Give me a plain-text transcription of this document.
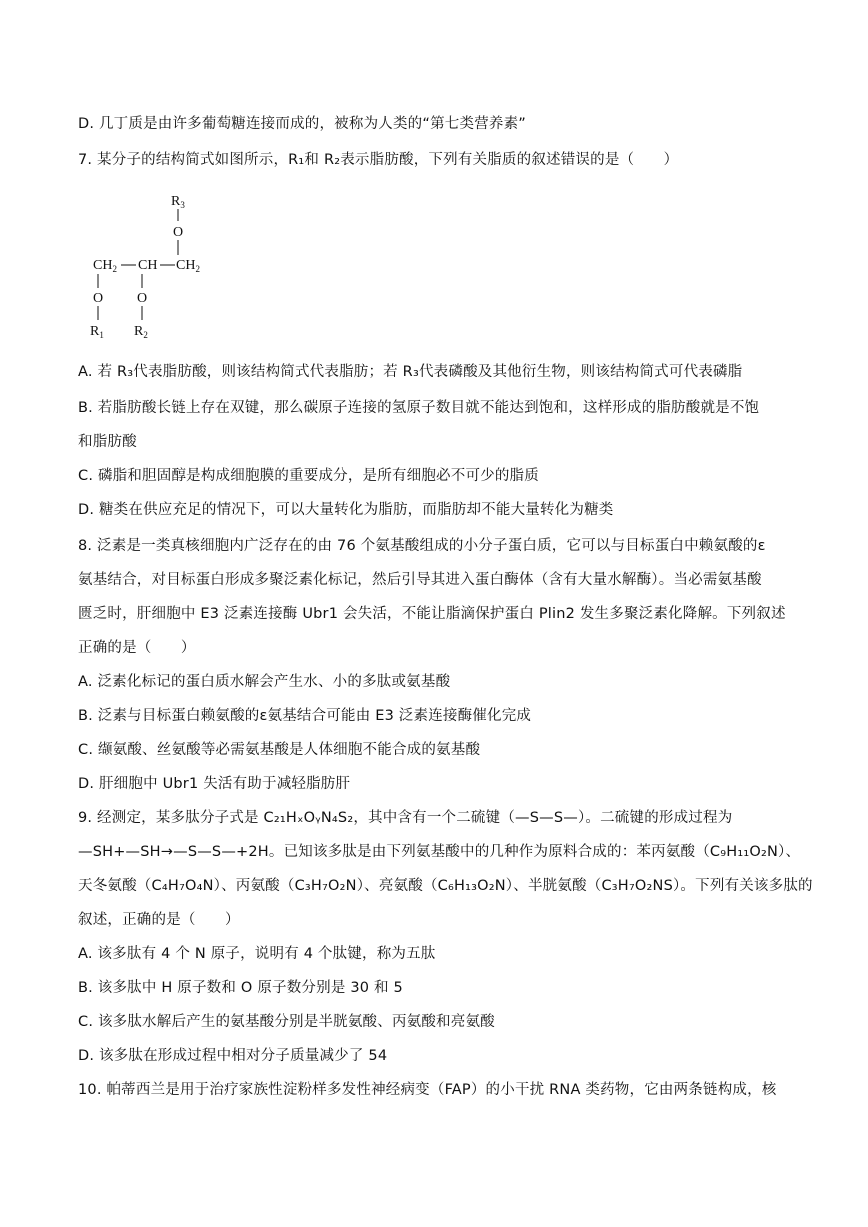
D. 几丁质是由许多葡萄糖连接而成的，被称为人类的“第七类营养素”
7. 某分子的结构简式如图所示，R₁和 R₂表示脂肪酸，下列有关脂质的叙述错误的是（　　）
$R_3$
O
$CH_2$ CH $CH_2$
O
$R_1$
O
$R_2$
A. 若 R₃代表脂肪酸，则该结构简式代表脂肪；若 R₃代表磷酸及其他衍生物，则该结构简式可代表磷脂
B. 若脂肪酸长链上存在双键，那么碳原子连接的氢原子数目就不能达到饱和，这样形成的脂肪酸就是不饱
和脂肪酸
C. 磷脂和胆固醇是构成细胞膜的重要成分，是所有细胞必不可少的脂质
D. 糖类在供应充足的情况下，可以大量转化为脂肪，而脂肪却不能大量转化为糖类
8. 泛素是一类真核细胞内广泛存在的由 76 个氨基酸组成的小分子蛋白质，它可以与目标蛋白中赖氨酸的ε
氨基结合，对目标蛋白形成多聚泛素化标记，然后引导其进入蛋白酶体（含有大量水解酶）。当必需氨基酸
匮乏时，肝细胞中 E3 泛素连接酶 Ubr1 会失活，不能让脂滴保护蛋白 Plin2 发生多聚泛素化降解。下列叙述
正确的是（　　）
A. 泛素化标记的蛋白质水解会产生水、小的多肽或氨基酸
B. 泛素与目标蛋白赖氨酸的ε氨基结合可能由 E3 泛素连接酶催化完成
C. 缬氨酸、丝氨酸等必需氨基酸是人体细胞不能合成的氨基酸
D. 肝细胞中 Ubr1 失活有助于减轻脂肪肝
9. 经测定，某多肽分子式是 C₂₁HₓOᵧN₄S₂，其中含有一个二硫键（—S—S—）。二硫键的形成过程为
—SH+—SH→—S—S—+2H。已知该多肽是由下列氨基酸中的几种作为原料合成的：苯丙氨酸（C₉H₁₁O₂N）、
天冬氨酸（C₄H₇O₄N）、丙氨酸（C₃H₇O₂N）、亮氨酸（C₆H₁₃O₂N）、半胱氨酸（C₃H₇O₂NS）。下列有关该多肽的
叙述，正确的是（　　）
A. 该多肽有 4 个 N 原子，说明有 4 个肽键，称为五肽
B. 该多肽中 H 原子数和 O 原子数分别是 30 和 5
C. 该多肽水解后产生的氨基酸分别是半胱氨酸、丙氨酸和亮氨酸
D. 该多肽在形成过程中相对分子质量减少了 54
10. 帕蒂西兰是用于治疗家族性淀粉样多发性神经病变（FAP）的小干扰 RNA 类药物，它由两条链构成，核
